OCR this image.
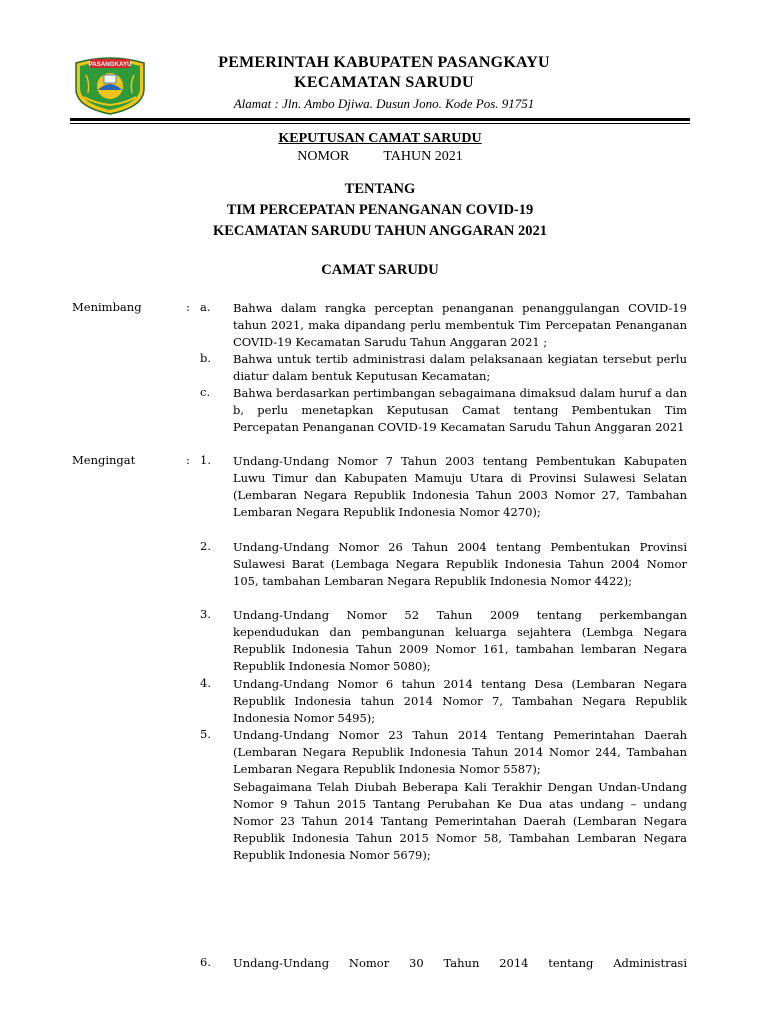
PASANGKAYU	PEMERINTAH KABUPATEN PASANGKAYU
KECAMATAN SARUDU
Alamat : Jln. Ambo Djiwa. Dusun Jono. Kode Pos. 91751
KEPUTUSAN CAMAT SARUDU
NOMOR TAHUN 2021
TENTANG
TIM PERCEPATAN PENANGANAN COVID-19
KECAMATAN SARUDU TAHUN ANGGARAN 2021
CAMAT SARUDU
Menimbang	: a. Bahwa dalam rangka perceptan penanganan penanggulangan COVID-19 tahun 2021, maka dipandang perlu membentuk Tim Percepatan Penanganan COVID-19 Kecamatan Sarudu Tahun Anggaran 2021 ;
b. Bahwa untuk tertib administrasi dalam pelaksanaan kegiatan tersebut perlu diatur dalam bentuk Keputusan Kecamatan;
c. Bahwa berdasarkan pertimbangan sebagaimana dimaksud dalam huruf a dan b, perlu menetapkan Keputusan Camat tentang Pembentukan Tim Percepatan Penanganan COVID-19 Kecamatan Sarudu Tahun Anggaran 2021
Mengingat	: 1. Undang-Undang Nomor 7 Tahun 2003 tentang Pembentukan Kabupaten Luwu Timur dan Kabupaten Mamuju Utara di Provinsi Sulawesi Selatan (Lembaran Negara Republik Indonesia Tahun 2003 Nomor 27, Tambahan Lembaran Negara Republik Indonesia Nomor 4270);
2. Undang-Undang Nomor 26 Tahun 2004 tentang Pembentukan Provinsi Sulawesi Barat (Lembaga Negara Republik Indonesia Tahun 2004 Nomor 105, tambahan Lembaran Negara Republik Indonesia Nomor 4422);
3. Undang-Undang Nomor 52 Tahun 2009 tentang perkembangan kependudukan dan pembangunan keluarga sejahtera (Lembga Negara Republik Indonesia Tahun 2009 Nomor 161, tambahan lembaran Negara Republik Indonesia Nomor 5080);
4. Undang-Undang Nomor 6 tahun 2014 tentang Desa (Lembaran Negara Republik Indonesia tahun 2014 Nomor 7, Tambahan Negara Republik Indonesia Nomor 5495);
5. Undang-Undang Nomor 23 Tahun 2014 Tentang Pemerintahan Daerah (Lembaran Negara Republik Indonesia Tahun 2014 Nomor 244, Tambahan Lembaran Negara Republik Indonesia Nomor 5587);
Sebagaimana Telah Diubah Beberapa Kali Terakhir Dengan Undan-Undang Nomor 9 Tahun 2015 Tantang Perubahan Ke Dua atas undang – undang Nomor 23 Tahun 2014 Tantang Pemerintahan Daerah (Lembaran Negara Republik Indonesia Tahun 2015 Nomor 58, Tambahan Lembaran Negara Republik Indonesia Nomor 5679);
6. Undang-Undang Nomor 30 Tahun 2014 tentang Administrasi
